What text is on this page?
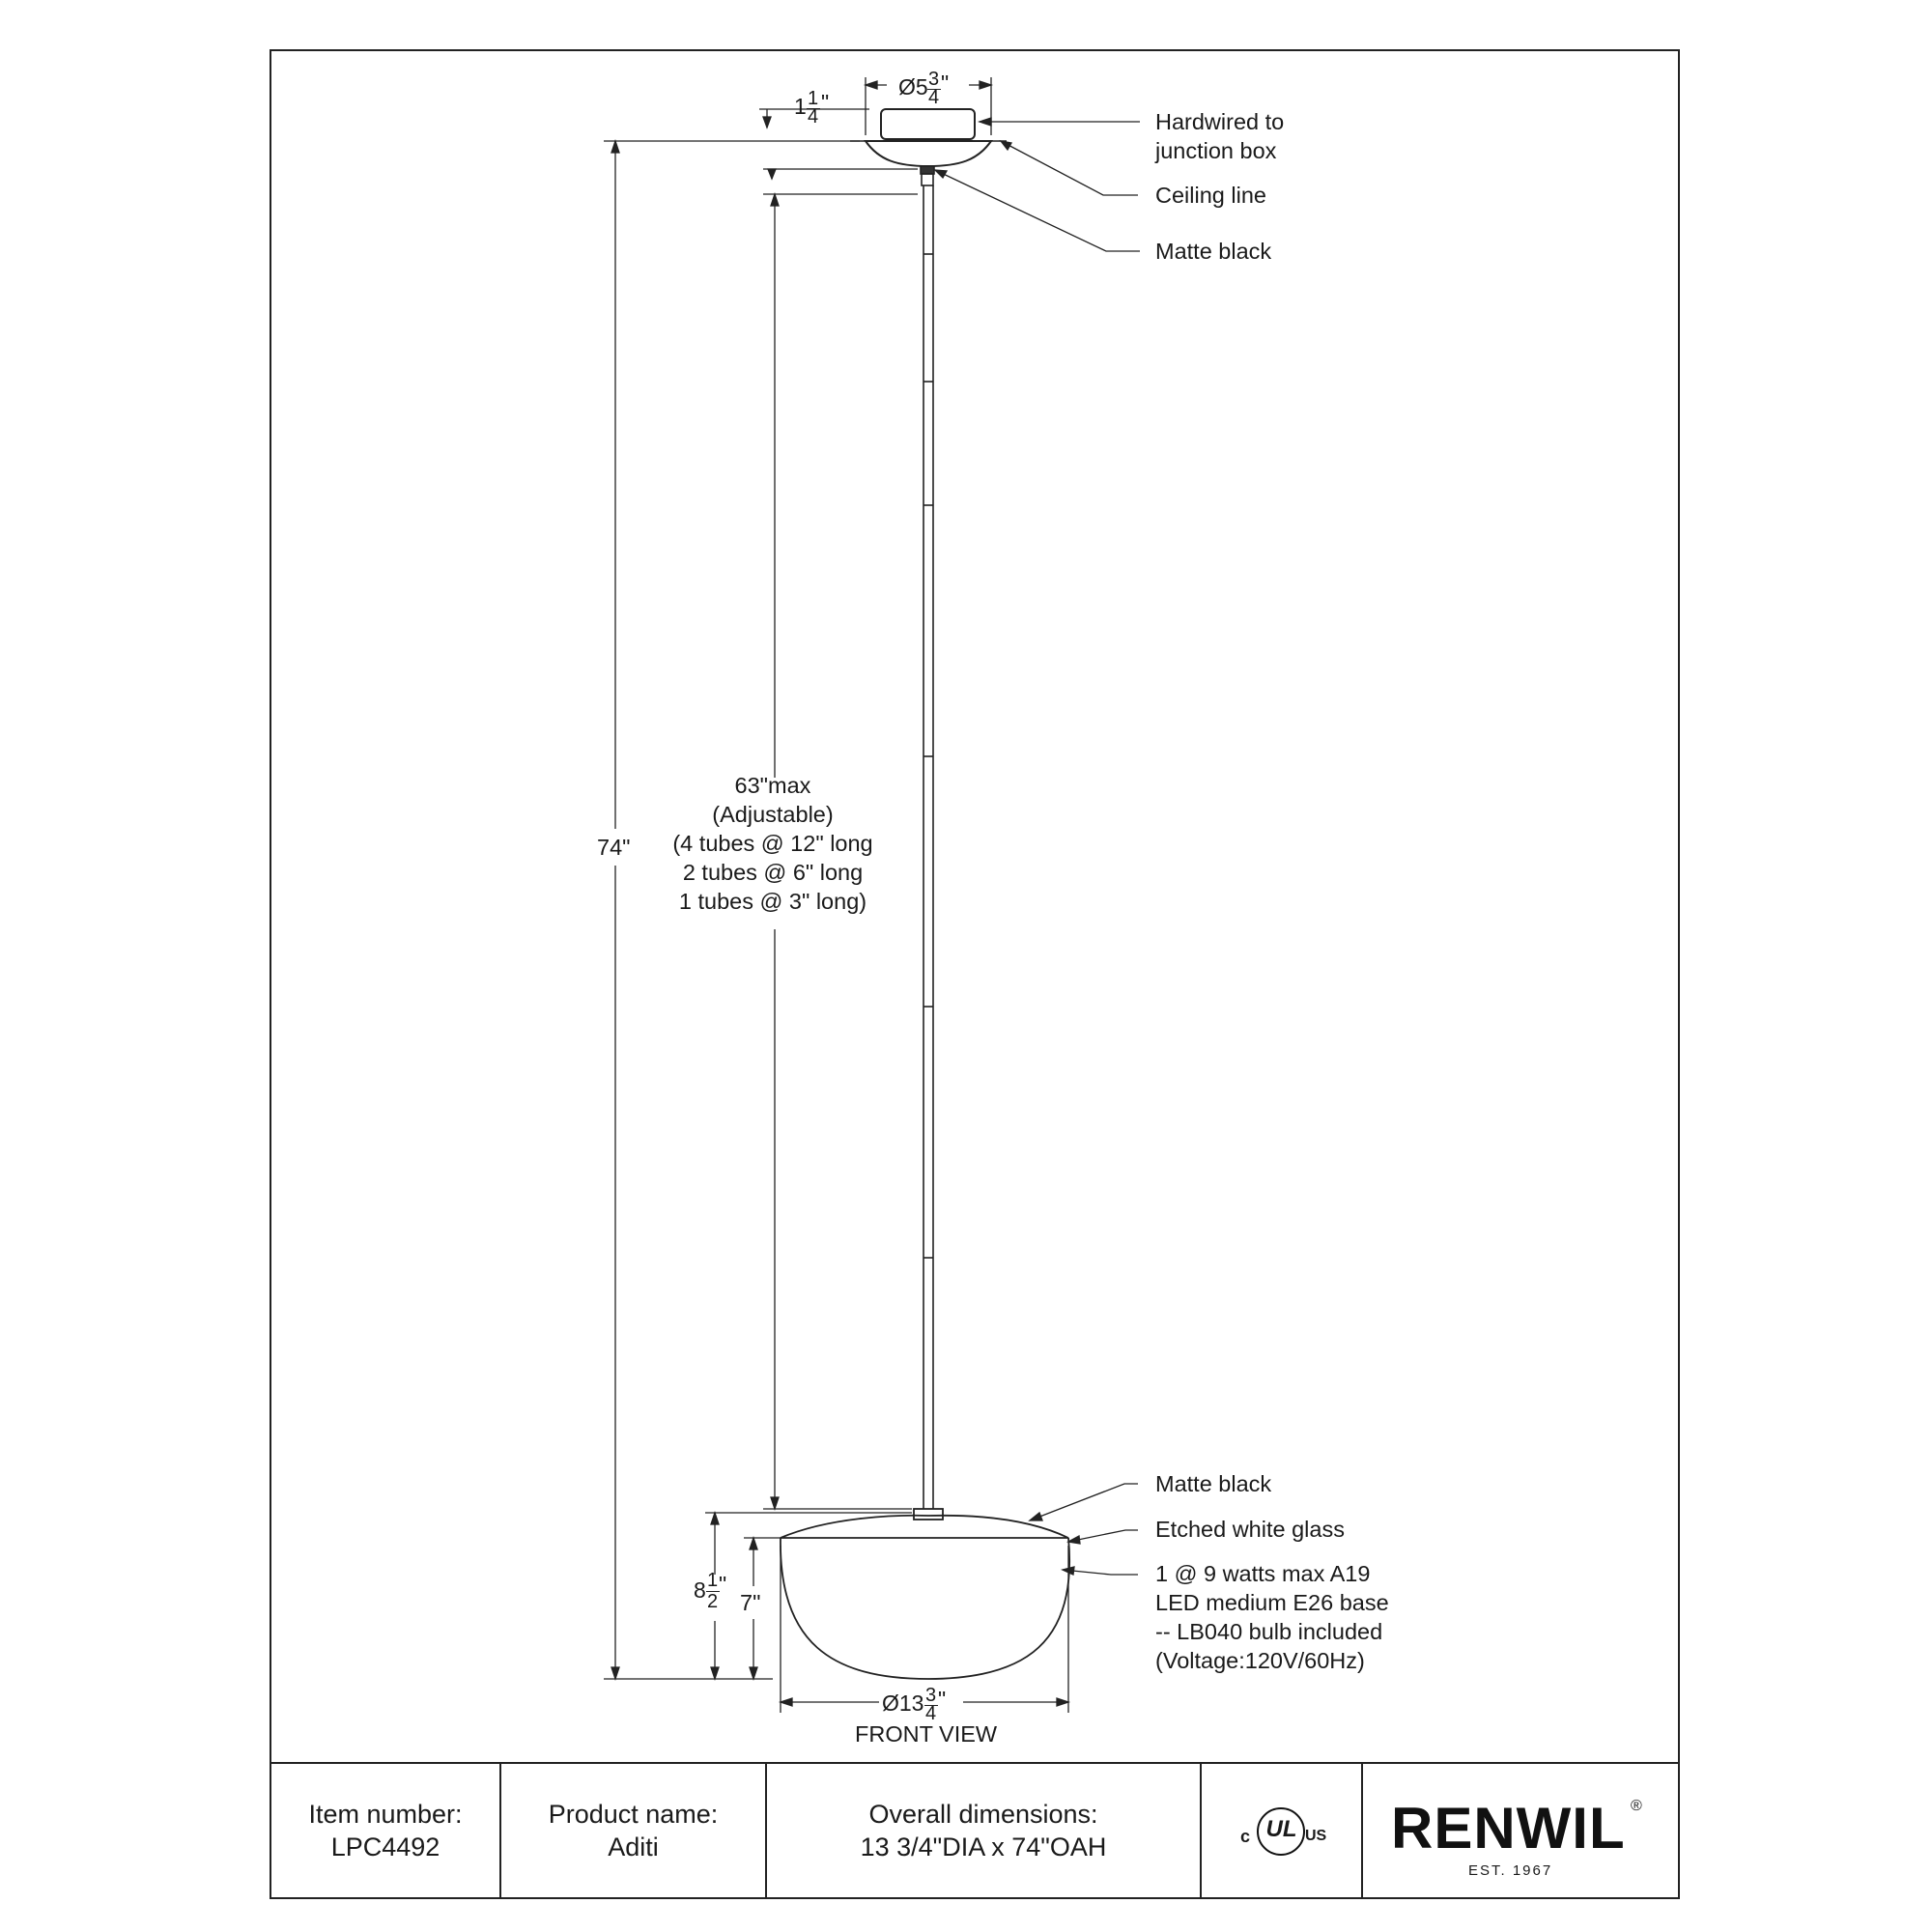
Ø5 3
4
"
1 1
4
"
74"
63"max
(Adjustable)
(4 tubes @ 12" long
2 tubes @ 6" long
1 tubes @ 3" long)
8 1
2
"
7"
Ø13 3
4
"
FRONT VIEW
Hardwired to
junction box
Ceiling line
Matte black
Matte black
Etched white glass
1 @ 9 watts max A19
LED medium E26 base
-- LB040 bulb included
(Voltage:120V/60Hz)
Item number:
LPC4492
Product name:
Aditi
Overall dimensions:
13 3/4"DIA x 74"OAH
UL
c	US RENWIL ®
EST. 1967
